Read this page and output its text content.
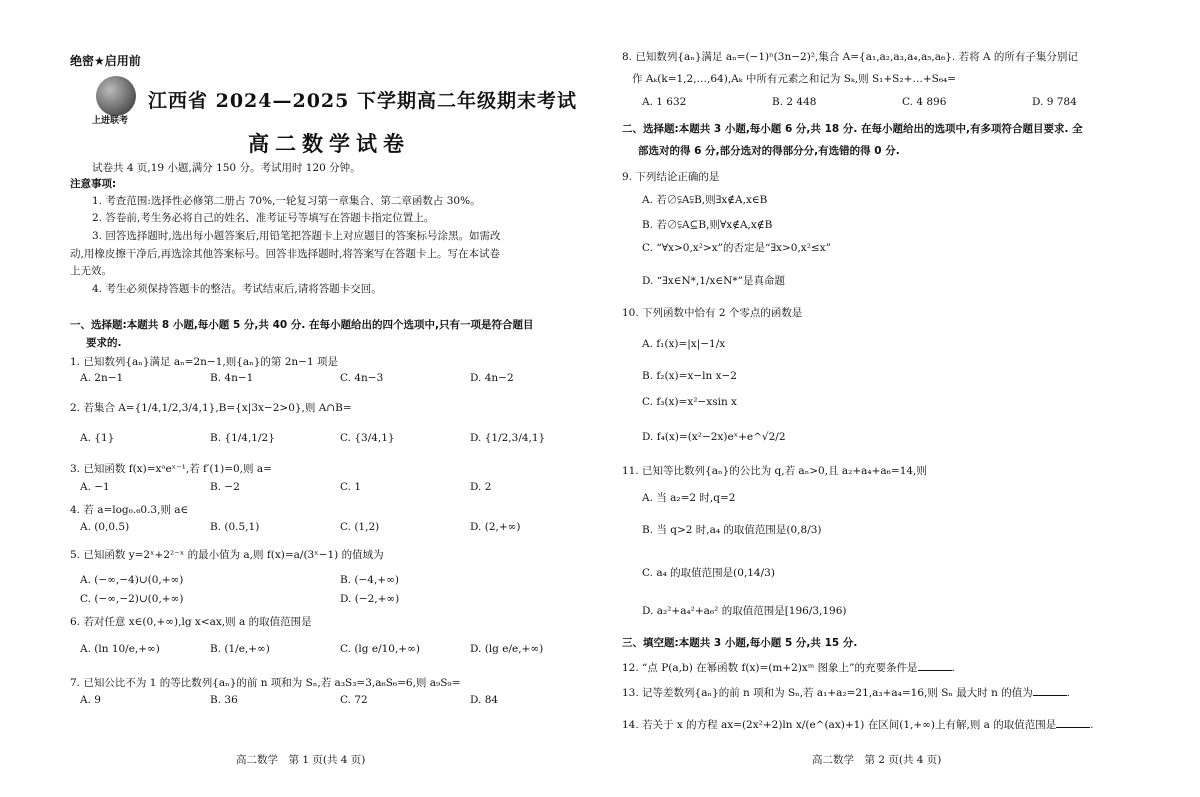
绝密★启用前
上进联考
江西省 2024—2025 下学期高二年级期末考试
高二数学试卷
试卷共 4 页,19 小题,满分 150 分。考试用时 120 分钟。
注意事项:
1. 考查范围:选择性必修第二册占 70%,一轮复习第一章集合、第二章函数占 30%。
2. 答卷前,考生务必将自己的姓名、准考证号等填写在答题卡指定位置上。
3. 回答选择题时,选出每小题答案后,用铅笔把答题卡上对应题目的答案标号涂黑。如需改
动,用橡皮擦干净后,再选涂其他答案标号。回答非选择题时,将答案写在答题卡上。写在本试卷
上无效。
4. 考生必须保持答题卡的整洁。考试结束后,请将答题卡交回。
一、选择题:本题共 8 小题,每小题 5 分,共 40 分. 在每小题给出的四个选项中,只有一项是符合题目
要求的.
1. 已知数列{aₙ}满足 aₙ=2n−1,则{aₙ}的第 2n−1 项是
A. 2n−1	B. 4n−1	C. 4n−3	D. 4n−2
2. 若集合 A={1/4,1/2,3/4,1},B={x|3x−2>0},则 A∩B=
A. {1}	B. {1/4,1/2}	C. {3/4,1}	D. {1/2,3/4,1}
3. 已知函数 f(x)=xᵃeˣ⁻¹,若 f′(1)=0,则 a=
A. −1	B. −2	C. 1	D. 2
4. 若 a=log₀.₆0.3,则 a∈
A. (0,0.5)	B. (0.5,1)	C. (1,2)	D. (2,+∞)
5. 已知函数 y=2ˣ+2²⁻ˣ 的最小值为 a,则 f(x)=a/(3ˣ−1) 的值域为
A. (−∞,−4)∪(0,+∞)	B. (−4,+∞)
C. (−∞,−2)∪(0,+∞)	D. (−2,+∞)
6. 若对任意 x∈(0,+∞),lg x<ax,则 a 的取值范围是
A. (ln 10/e,+∞)	B. (1/e,+∞)	C. (lg e/10,+∞)	D. (lg e/e,+∞)
7. 已知公比不为 1 的等比数列{aₙ}的前 n 项和为 Sₙ,若 a₃S₃=3,a₆S₆=6,则 a₉S₉=
A. 9	B. 36	C. 72	D. 84
高二数学　第 1 页(共 4 页)
8. 已知数列{aₙ}满足 aₙ=(−1)ⁿ(3n−2)²,集合 A={a₁,a₂,a₃,a₄,a₅,a₆}. 若将 A 的所有子集分别记
作 Aₖ(k=1,2,…,64),Aₖ 中所有元素之和记为 Sₖ,则 S₁+S₂+…+S₆₄=
A. 1 632	B. 2 448	C. 4 896	D. 9 784
二、选择题:本题共 3 小题,每小题 6 分,共 18 分. 在每小题给出的选项中,有多项符合题目要求. 全
部选对的得 6 分,部分选对的得部分分,有选错的得 0 分.
9. 下列结论正确的是
A. 若∅⫋A⫋B,则∃x∉A,x∈B
B. 若∅⫋A⊆B,则∀x∉A,x∉B
C. “∀x>0,x²>x”的否定是“∃x>0,x²≤x”
D. “∃x∈N*,1/x∈N*”是真命题
10. 下列函数中恰有 2 个零点的函数是
A. f₁(x)=|x|−1/x
B. f₂(x)=x−ln x−2
C. f₃(x)=x²−xsin x
D. f₄(x)=(x²−2x)eˣ+e^√2/2
11. 已知等比数列{aₙ}的公比为 q,若 aₙ>0,且 a₂+a₄+a₆=14,则
A. 当 a₂=2 时,q=2
B. 当 q>2 时,a₄ 的取值范围是(0,8/3)
C. a₄ 的取值范围是(0,14/3)
D. a₂²+a₄²+a₆² 的取值范围是[196/3,196)
三、填空题:本题共 3 小题,每小题 5 分,共 15 分.
12. “点 P(a,b) 在幂函数 f(x)=(m+2)xᵐ 图象上”的充要条件是	.
13. 记等差数列{aₙ}的前 n 项和为 Sₙ,若 a₁+a₂=21,a₃+a₄=16,则 Sₙ 最大时 n 的值为	.
14. 若关于 x 的方程 ax=(2x²+2)ln x/(e^(ax)+1) 在区间(1,+∞)上有解,则 a 的取值范围是	.
高二数学　第 2 页(共 4 页)
